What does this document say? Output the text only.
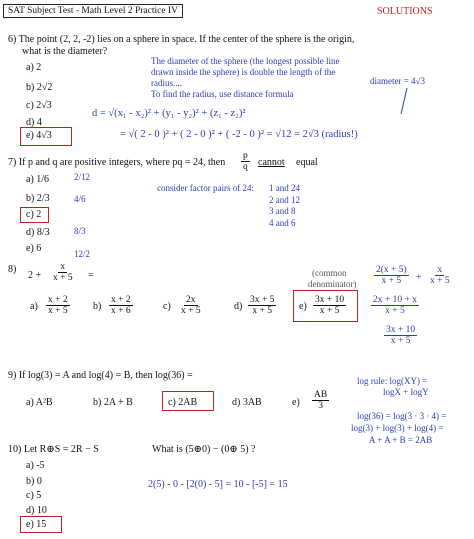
SAT Subject Test - Math Level 2 Practice IV	SOLUTIONS
6) The point (2, 2, -2) lies on a sphere in space. If the center of the sphere is the origin,
what is the diameter?
a) 2
b) 2√2
c) 2√3
d) 4
e) 4√3
The diameter of the sphere (the longest possible line
drawn inside the sphere) is double the length of the
radius....
To find the radius, use distance formula
diameter = 4√3
d = √(x₁ - x₂)² + (y₁ - y₂)² + (z₁ - z₂)²
= √( 2 - 0 )² + ( 2 - 0 )² + ( -2 - 0 )² = √12 = 2√3 (radius!)
7) If p and q are positive integers, where pq = 24, then $\frac{p}{q}$ cannot equal
a) 1/6
b) 2/3
c) 2
d) 8/3
e) 6
2/12
4/6
8/3
12/2
consider factor pairs of 24: 1 and 24
2 and 12
3 and 8
4 and 6
8)
$2 + \frac{x}{x + 5}$ =	(common
denominator) $\frac{2(x + 5)}{x + 5} + \frac{x}{x + 5}$
$\frac{2x + 10 + x}{x + 5}$
$\frac{3x + 10}{x + 5}$
$a) \frac{x + 2}{x + 5} b) \frac{x + 2}{x + 6}$	$c) \frac{2x}{x + 5}$	$d) \frac{3x + 5}{x + 5} e) \frac{3x + 10}{x + 5}$
9) If log(3) = A and log(4) = B, then log(36) =
a) A²B	b) 2A + B	c) 2AB	d) 3AB	$e) \frac{AB}{3}$
log rule: log(XY) =
logX + logY
log(36) = log(3 · 3 · 4) =
log(3) + log(3) + log(4) =
A + A + B = 2AB
10) Let R⊕S = 2R − S	What is (5⊕0) − (0⊕ 5) ?
a) -5
b) 0
c) 5
d) 10
e) 15
2(5) - 0 - [2(0) - 5] = 10 - [-5] = 15
